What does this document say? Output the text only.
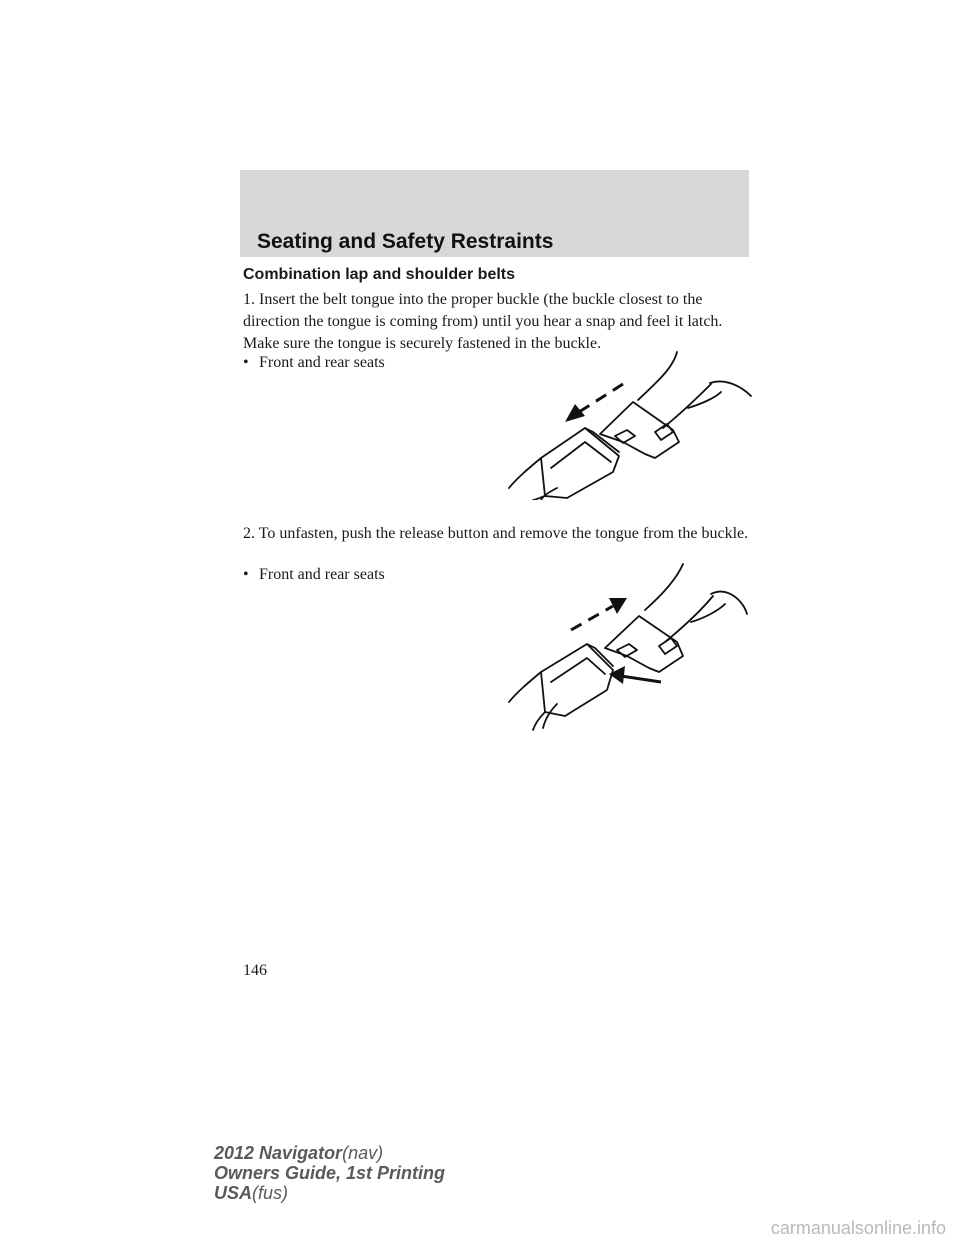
Seating and Safety Restraints
Combination lap and shoulder belts
1. Insert the belt tongue into the proper buckle (the buckle closest to the direction the tongue is coming from) until you hear a snap and feel it latch. Make sure the tongue is securely fastened in the buckle.
• Front and rear seats
2. To unfasten, push the release button and remove the tongue from the buckle.
• Front and rear seats
146
2012 Navigator(nav)
Owners Guide, 1st Printing
USA(fus)
carmanualsonline.info
